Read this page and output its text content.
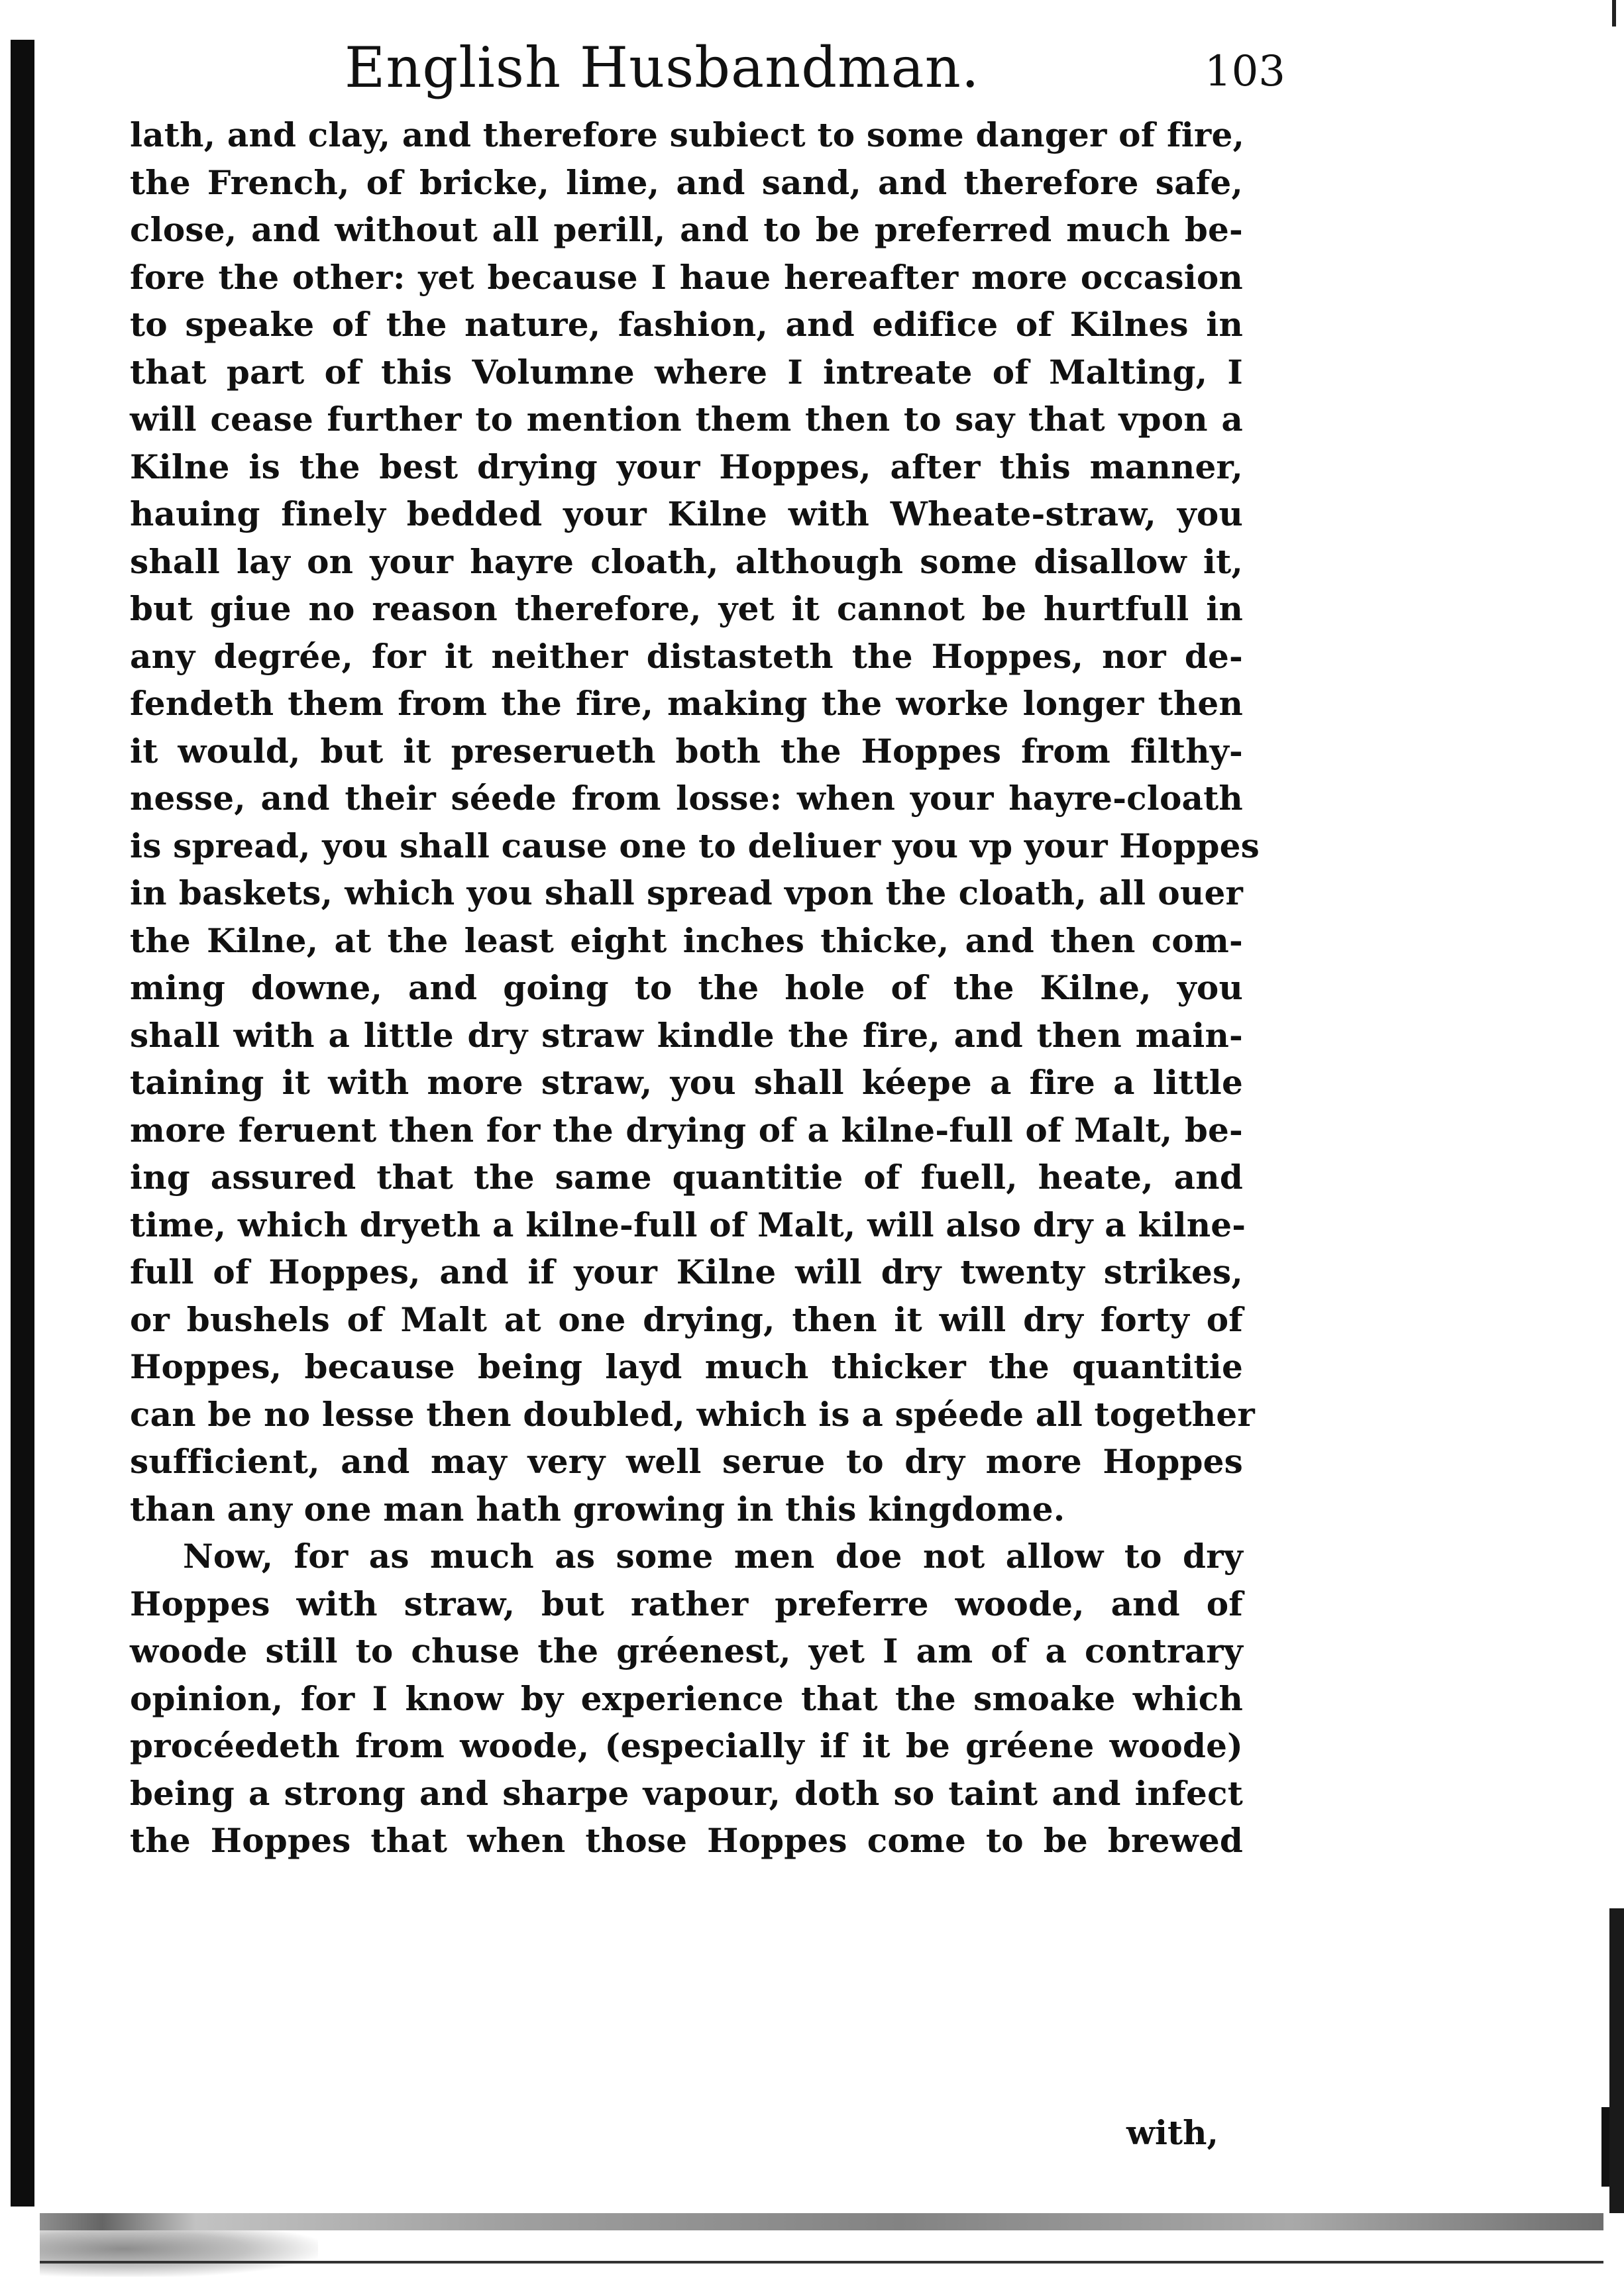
English Husbandman.	103
lath, and clay, and therefore subiect to some danger of fire,
the French, of bricke, lime, and sand, and therefore safe,
close, and without all perill, and to be preferred much be-
fore the other: yet because I haue hereafter more occasion
to speake of the nature, fashion, and edifice of Kilnes in
that part of this Volumne where I intreate of Malting, I
will cease further to mention them then to say that vpon a
Kilne is the best drying your Hoppes, after this manner,
hauing finely bedded your Kilne with Wheate-straw, you
shall lay on your hayre cloath, although some disallow it,
but giue no reason therefore, yet it cannot be hurtfull in
any degrée, for it neither distasteth the Hoppes, nor de-
fendeth them from the fire, making the worke longer then
it would, but it preserueth both the Hoppes from filthy-
nesse, and their séede from losse: when your hayre-cloath
is spread, you shall cause one to deliuer you vp your Hoppes
in baskets, which you shall spread vpon the cloath, all ouer
the Kilne, at the least eight inches thicke, and then com-
ming downe, and going to the hole of the Kilne, you
shall with a little dry straw kindle the fire, and then main-
taining it with more straw, you shall kéepe a fire a little
more feruent then for the drying of a kilne-full of Malt, be-
ing assured that the same quantitie of fuell, heate, and
time, which dryeth a kilne-full of Malt, will also dry a kilne-
full of Hoppes, and if your Kilne will dry twenty strikes,
or bushels of Malt at one drying, then it will dry forty of
Hoppes, because being layd much thicker the quantitie
can be no lesse then doubled, which is a spéede all together
sufficient, and may very well serue to dry more Hoppes
than any one man hath growing in this kingdome.
Now, for as much as some men doe not allow to dry
Hoppes with straw, but rather preferre woode, and of
woode still to chuse the gréenest, yet I am of a contrary
opinion, for I know by experience that the smoake which
procéedeth from woode, (especially if it be gréene woode)
being a strong and sharpe vapour, doth so taint and infect
the Hoppes that when those Hoppes come to be brewed
with,
